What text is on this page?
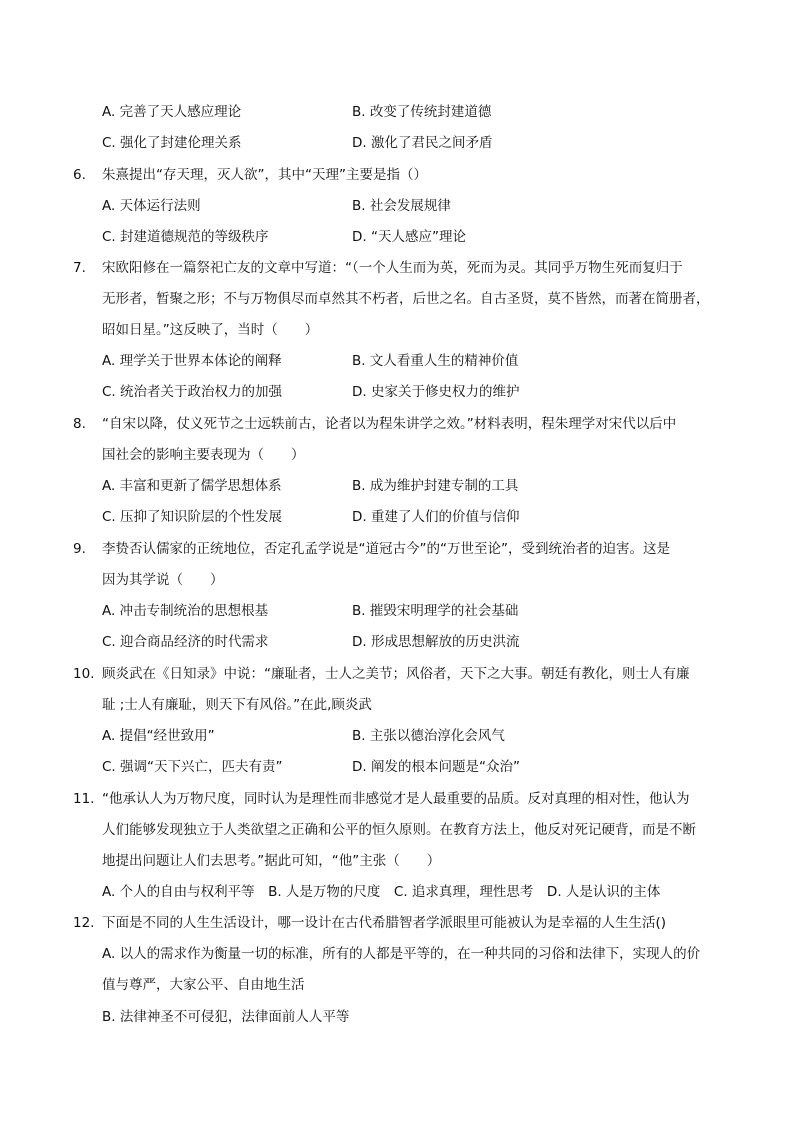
A. 完善了天人感应理论	B. 改变了传统封建道德
C. 强化了封建伦理关系	D. 激化了君民之间矛盾
6. 朱熹提出“存天理，灭人欲”，其中“天理”主要是指（）
A. 天体运行法则	B. 社会发展规律
C. 封建道德规范的等级秩序	D. “天人感应”理论
7. 宋欧阳修在一篇祭祀亡友的文章中写道：“（一个人生而为英，死而为灵。其同乎万物生死而复归于
无形者，暂聚之形；不与万物俱尽而卓然其不朽者，后世之名。自古圣贤，莫不皆然，而著在简册者，
昭如日星。”这反映了，当时（　　）
A. 理学关于世界本体论的阐释	B. 文人看重人生的精神价值
C. 统治者关于政治权力的加强	D. 史家关于修史权力的维护
8. “自宋以降，仗义死节之士远轶前古，论者以为程朱讲学之效。”材料表明，程朱理学对宋代以后中
国社会的影响主要表现为（　　）
A. 丰富和更新了儒学思想体系	B. 成为维护封建专制的工具
C. 压抑了知识阶层的个性发展	D. 重建了人们的价值与信仰
9. 李贽否认儒家的正统地位，否定孔孟学说是“道冠古今”的“万世至论”，受到统治者的迫害。这是
因为其学说（　　）
A. 冲击专制统治的思想根基	B. 摧毁宋明理学的社会基础
C. 迎合商品经济的时代需求	D. 形成思想解放的历史洪流
10. 顾炎武在《日知录》中说：“廉耻者，士人之美节；风俗者，天下之大事。朝廷有教化，则士人有廉
耻 ;士人有廉耻，则天下有风俗。”在此,顾炎武
A. 提倡“经世致用”	B. 主张以德治淳化会风气
C. 强调“天下兴亡，匹夫有责”	D. 阐发的根本问题是“众治”
11. “他承认人为万物尺度，同时认为是理性而非感觉才是人最重要的品质。反对真理的相对性，他认为
人们能够发现独立于人类欲望之正确和公平的恒久原则。在教育方法上，他反对死记硬背，而是不断
地提出问题让人们去思考。”据此可知，“他”主张（　　）
A. 个人的自由与权利平等　B. 人是万物的尺度　C. 追求真理，理性思考　D. 人是认识的主体
12. 下面是不同的人生生活设计，哪一设计在古代希腊智者学派眼里可能被认为是幸福的人生生活()
A. 以人的需求作为衡量一切的标准，所有的人都是平等的，在一种共同的习俗和法律下，实现人的价
值与尊严，大家公平、自由地生活
B. 法律神圣不可侵犯，法律面前人人平等
